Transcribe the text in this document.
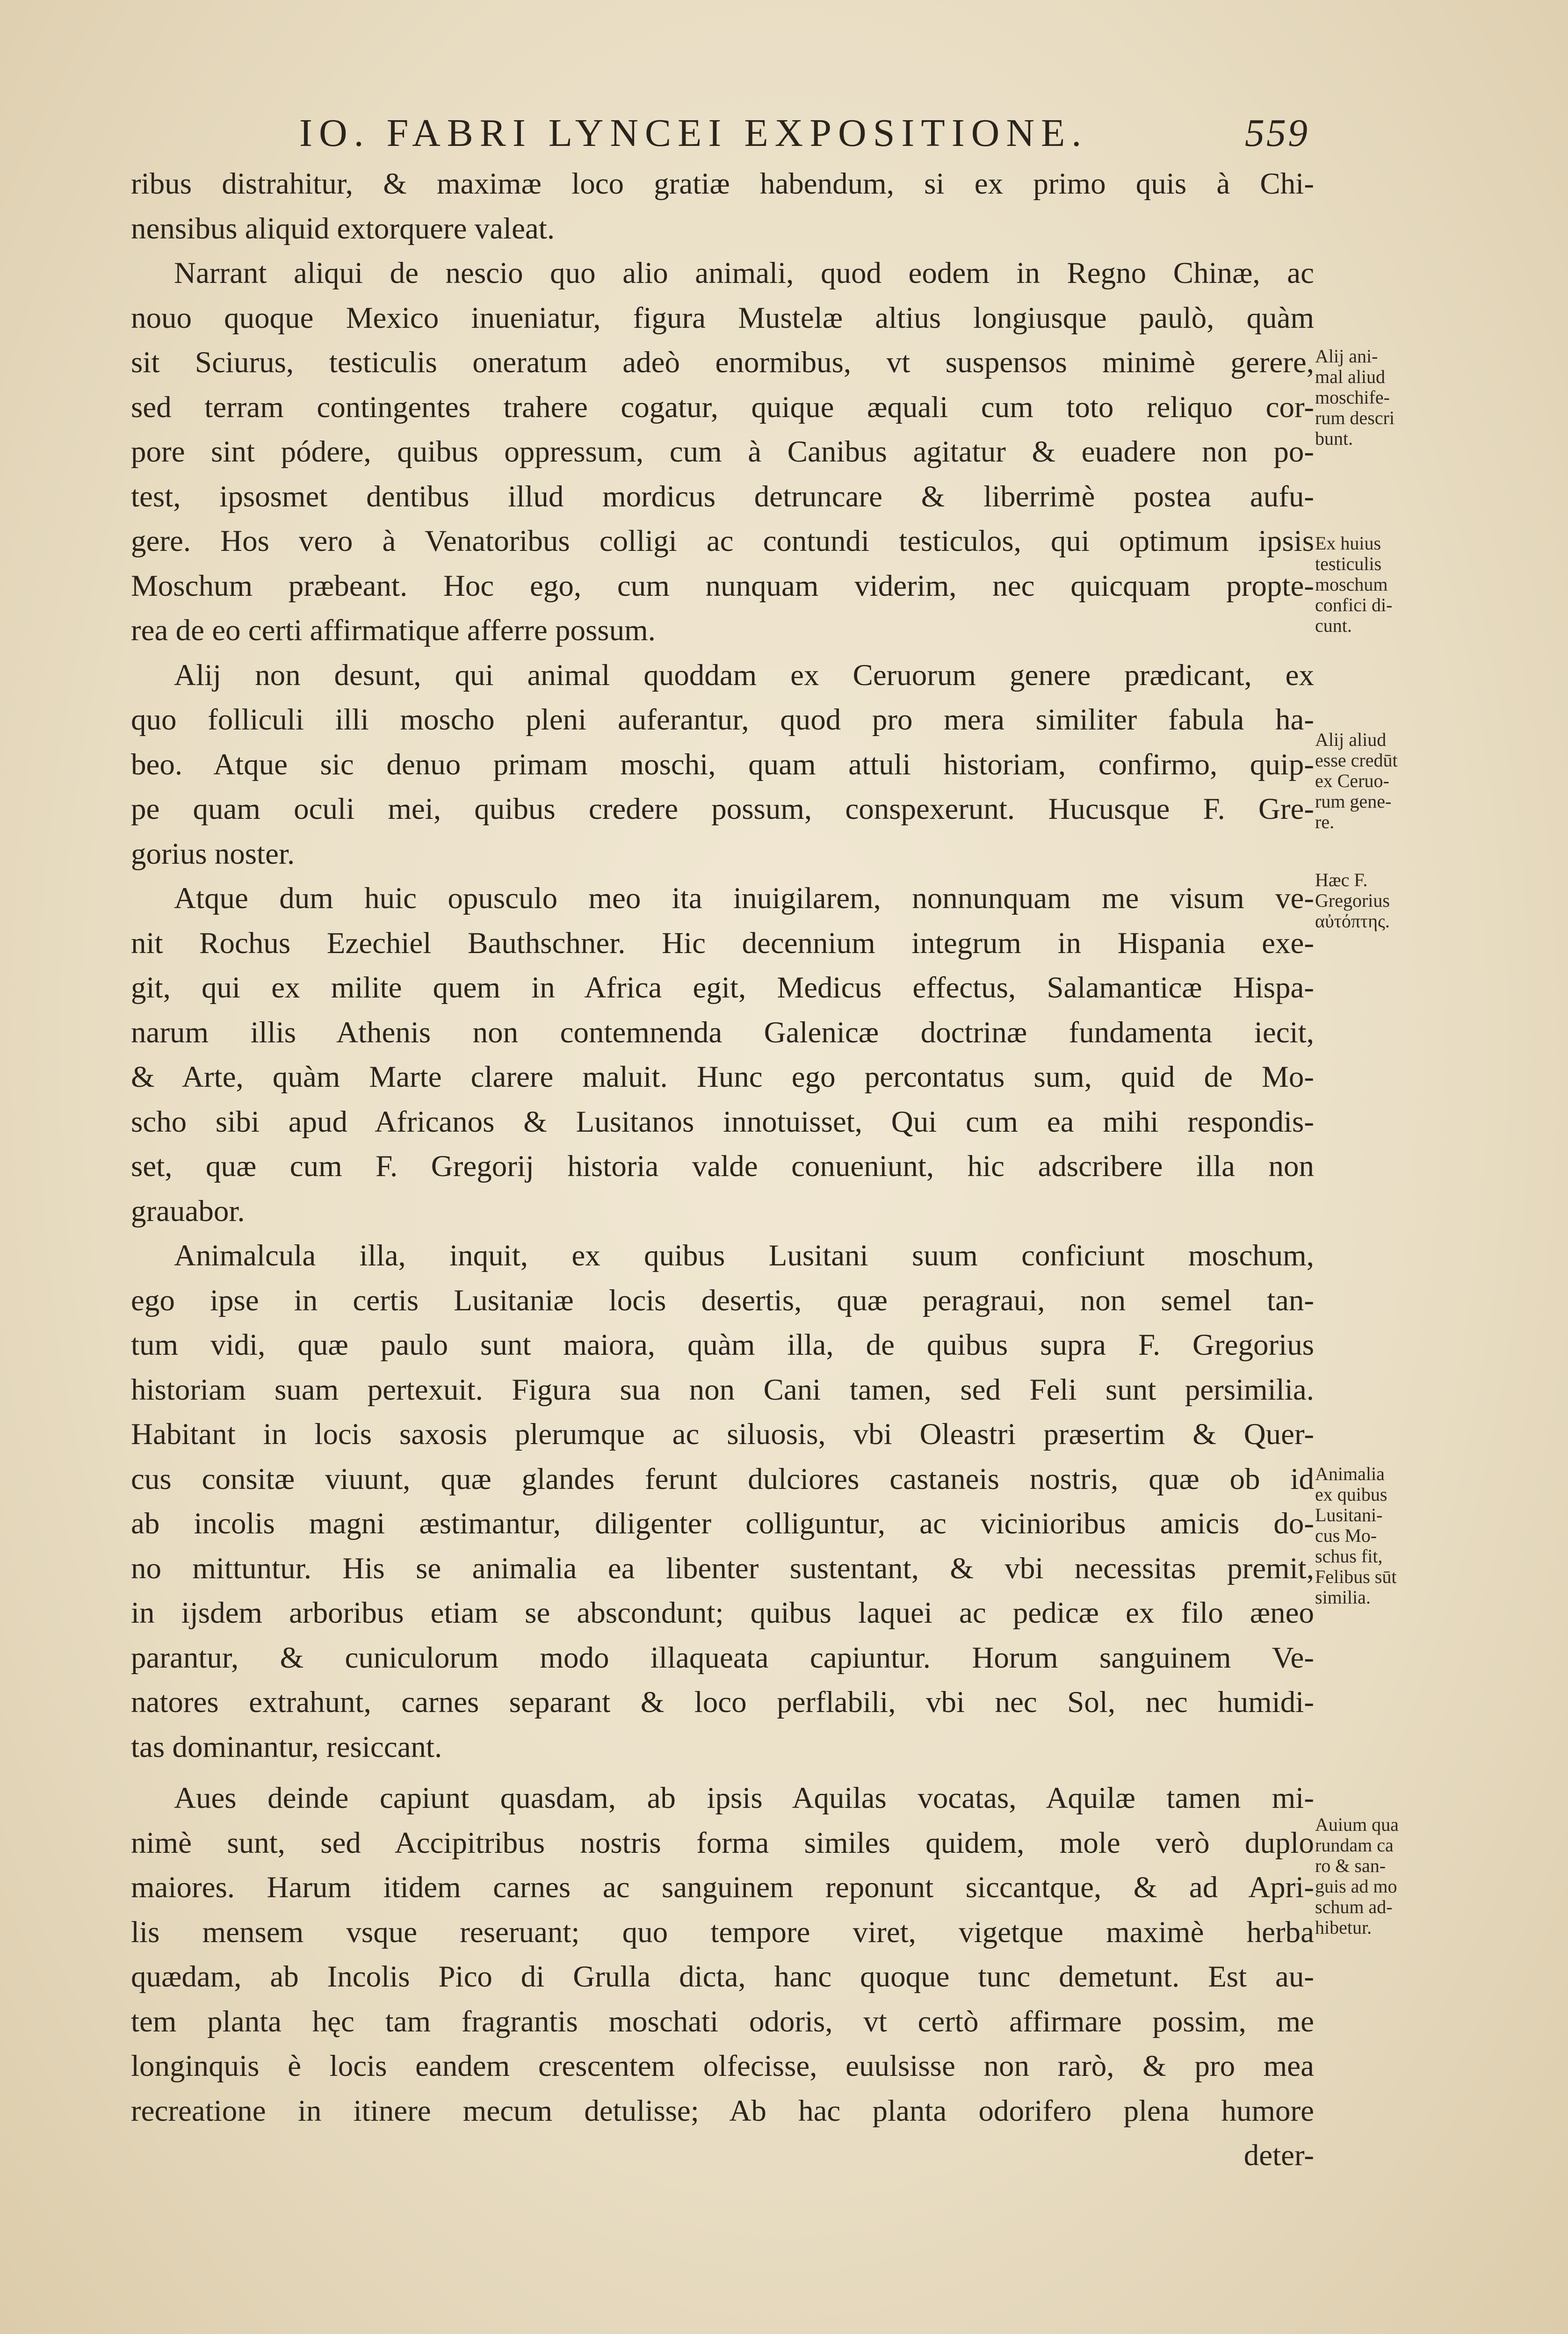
IO. FABRI LYNCEI EXPOSITIONE.	559

ribus distrahitur, & maximæ loco gratiæ habendum, si ex primo quis à Chi-
nensibus aliquid extorquere valeat.

Narrant aliqui de nescio quo alio animali, quod eodem in Regno Chinæ, ac
nouo quoque Mexico inueniatur, figura Mustelæ altius longiusque paulò, quàm
sit Sciurus, testiculis oneratum adeò enormibus, vt suspensos minimè gerere,
sed terram contingentes trahere cogatur, quique æquali cum toto reliquo cor-
pore sint pódere, quibus oppressum, cum à Canibus agitatur & euadere non po-
test, ipsosmet dentibus illud mordicus detruncare & liberrimè postea aufu-
gere. Hos vero à Venatoribus colligi ac contundi testiculos, qui optimum ipsis
Moschum præbeant. Hoc ego, cum nunquam viderim, nec quicquam propte-
rea de eo certi affirmatique afferre possum.

Alij non desunt, qui animal quoddam ex Ceruorum genere prædicant, ex
quo folliculi illi moscho pleni auferantur, quod pro mera similiter fabula ha-
beo. Atque sic denuo primam moschi, quam attuli historiam, confirmo, quip-
pe quam oculi mei, quibus credere possum, conspexerunt. Hucusque F. Gre-
gorius noster.

Atque dum huic opusculo meo ita inuigilarem, nonnunquam me visum ve-
nit Rochus Ezechiel Bauthschner. Hic decennium integrum in Hispania exe-
git, qui ex milite quem in Africa egit, Medicus effectus, Salamanticæ Hispa-
narum illis Athenis non contemnenda Galenicæ doctrinæ fundamenta iecit,
& Arte, quàm Marte clarere maluit. Hunc ego percontatus sum, quid de Mo-
scho sibi apud Africanos & Lusitanos innotuisset, Qui cum ea mihi respondis-
set, quæ cum F. Gregorij historia valde conueniunt, hic adscribere illa non
grauabor.

Animalcula illa, inquit, ex quibus Lusitani suum conficiunt moschum,
ego ipse in certis Lusitaniæ locis desertis, quæ peragraui, non semel tan-
tum vidi, quæ paulo sunt maiora, quàm illa, de quibus supra F. Gregorius
historiam suam pertexuit. Figura sua non Cani tamen, sed Feli sunt persimilia.
Habitant in locis saxosis plerumque ac siluosis, vbi Oleastri præsertim & Quer-
cus consitæ viuunt, quæ glandes ferunt dulciores castaneis nostris, quæ ob id
ab incolis magni æstimantur, diligenter colliguntur, ac vicinioribus amicis do-
no mittuntur. His se animalia ea libenter sustentant, & vbi necessitas premit,
in ijsdem arboribus etiam se abscondunt; quibus laquei ac pedicæ ex filo æneo
parantur, & cuniculorum modo illaqueata capiuntur. Horum sanguinem Ve-
natores extrahunt, carnes separant & loco perflabili, vbi nec Sol, nec humidi-
tas dominantur, resiccant.

Aues deinde capiunt quasdam, ab ipsis Aquilas vocatas, Aquilæ tamen mi-
nimè sunt, sed Accipitribus nostris forma similes quidem, mole verò duplo
maiores. Harum itidem carnes ac sanguinem reponunt siccantque, & ad Apri-
lis mensem vsque reseruant; quo tempore viret, vigetque maximè herba
quædam, ab Incolis Pico di Grulla dicta, hanc quoque tunc demetunt. Est au-
tem planta hęc tam fragrantis moschati odoris, vt certò affirmare possim, me
longinquis è locis eandem crescentem olfecisse, euulsisse non rarò, & pro mea
recreatione in itinere mecum detulisse; Ab hac planta odorifero plena humore
deter-

Alij ani-
mal aliud
moschife-
rum descri
bunt.
Ex huius
testiculis
moschum
confici di-
cunt.
Alij aliud
esse credūt
ex Ceruo-
rum gene-
re.
Hæc F.
Gregorius
αὐτόπτης.
Animalia
ex quibus
Lusitani-
cus Mo-
schus fit,
Felibus sūt
similia.
Auium qua
rundam ca
ro & san-
guis ad mo
schum ad-
hibetur.
